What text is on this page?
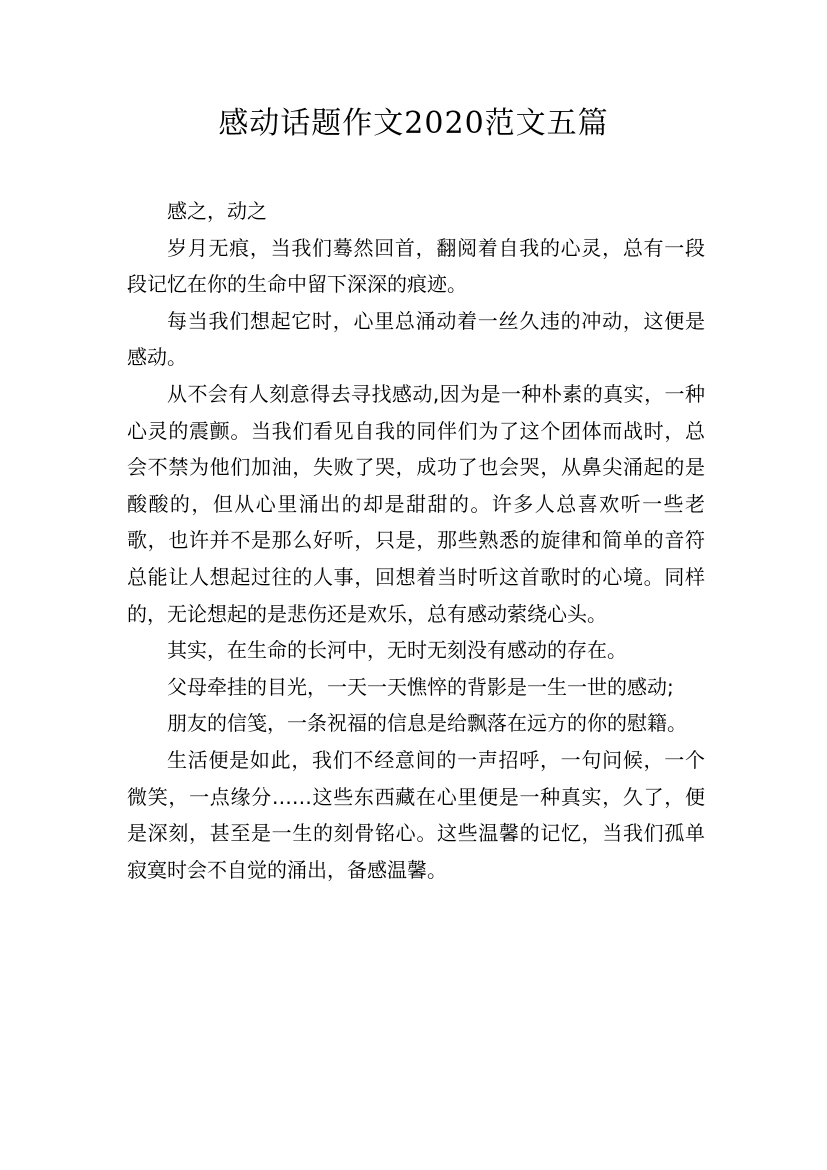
感动话题作文2020范文五篇

感之，动之

岁月无痕，当我们蓦然回首，翻阅着自我的心灵，总有一段段记忆在你的生命中留下深深的痕迹。

每当我们想起它时，心里总涌动着一丝久违的冲动，这便是感动。

从不会有人刻意得去寻找感动,因为是一种朴素的真实，一种心灵的震颤。当我们看见自我的同伴们为了这个团体而战时，总会不禁为他们加油，失败了哭，成功了也会哭，从鼻尖涌起的是酸酸的，但从心里涌出的却是甜甜的。许多人总喜欢听一些老歌，也许并不是那么好听，只是，那些熟悉的旋律和简单的音符总能让人想起过往的人事，回想着当时听这首歌时的心境。同样的，无论想起的是悲伤还是欢乐，总有感动萦绕心头。

其实，在生命的长河中，无时无刻没有感动的存在。

父母牵挂的目光，一天一天憔悴的背影是一生一世的感动;

朋友的信笺，一条祝福的信息是给飘落在远方的你的慰籍。

生活便是如此，我们不经意间的一声招呼，一句问候，一个微笑，一点缘分……这些东西藏在心里便是一种真实，久了，便是深刻，甚至是一生的刻骨铭心。这些温馨的记忆，当我们孤单寂寞时会不自觉的涌出，备感温馨。
